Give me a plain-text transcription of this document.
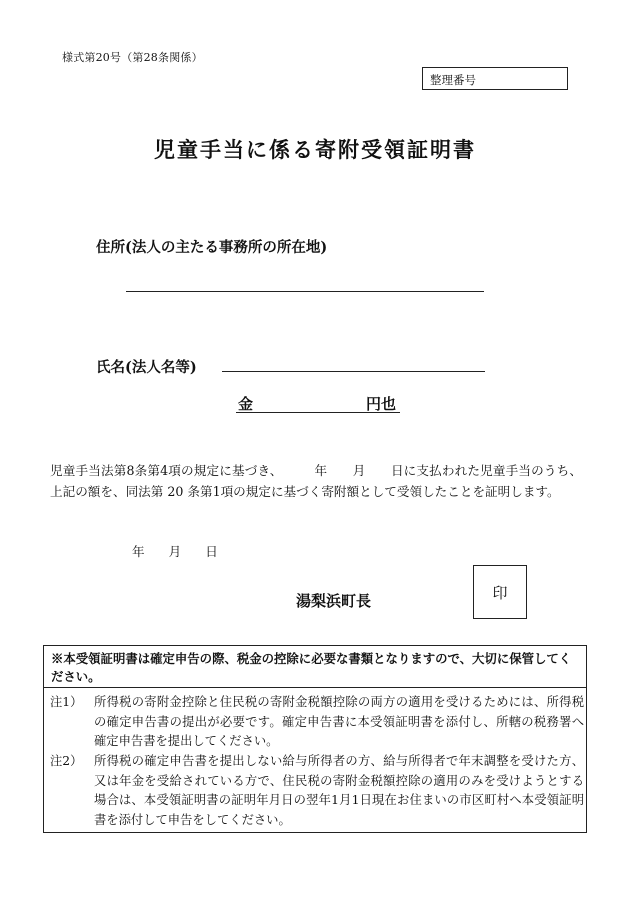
様式第20号（第28条関係）
整理番号
児童手当に係る寄附受領証明書
住所(法人の主たる事務所の所在地)
氏名(法人名等)
金	円也
児童手当法第8条第4項の規定に基づき、　　　年　　月　　日に支払われた児童手当のうち、上記の額を、同法第 20 条第1項の規定に基づく寄附額として受領したことを証明します。
年 月 日
湯梨浜町長	印
※本受領証明書は確定申告の際、税金の控除に必要な書類となりますので、大切に保管してください。
注1） 所得税の寄附金控除と住民税の寄附金税額控除の両方の適用を受けるためには、所得税の確定申告書の提出が必要です。確定申告書に本受領証明書を添付し、所轄の税務署へ確定申告書を提出してください。
注2） 所得税の確定申告書を提出しない給与所得者の方、給与所得者で年末調整を受けた方、又は年金を受給されている方で、住民税の寄附金税額控除の適用のみを受けようとする場合は、本受領証明書の証明年月日の翌年1月1日現在お住まいの市区町村へ本受領証明書を添付して申告をしてください。
